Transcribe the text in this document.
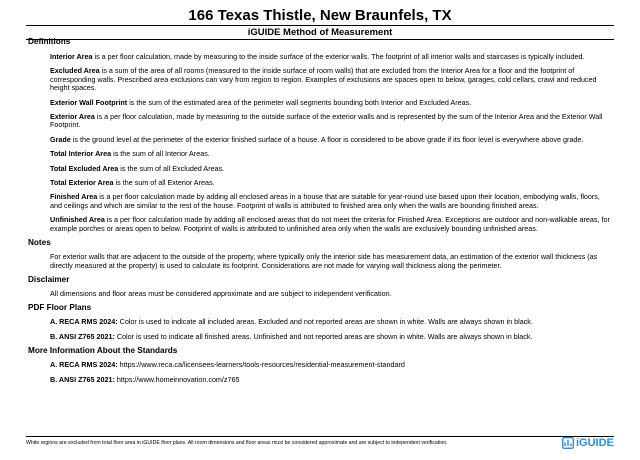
166 Texas Thistle, New Braunfels, TX
iGUIDE Method of Measurement
Definitions

Interior Area is a per floor calculation, made by measuring to the inside surface of the exterior walls. The footprint of all interior walls and staircases is typically included.

Excluded Area is a sum of the area of all rooms (measured to the inside surface of room walls) that are excluded from the Interior Area for a floor and the footprint of corresponding walls. Prescribed area exclusions can vary from region to region. Examples of exclusions are spaces open to below, garages, cold cellars, crawl and reduced height spaces.

Exterior Wall Footprint is the sum of the estimated area of the perimeter wall segments bounding both Interior and Excluded Areas.

Exterior Area is a per floor calculation, made by measuring to the outside surface of the exterior walls and is represented by the sum of the Interior Area and the Exterior Wall Footprint.

Grade is the ground level at the perimeter of the exterior finished surface of a house. A floor is considered to be above grade if its floor level is everywhere above grade.

Total Interior Area is the sum of all Interior Areas.

Total Excluded Area is the sum of all Excluded Areas.

Total Exterior Area is the sum of all Exterior Areas.

Finished Area is a per floor calculation made by adding all enclosed areas in a house that are suitable for year-round use based upon their location, embodying walls, floors, and ceilings and which are similar to the rest of the house. Footprint of walls is attributed to finished area only when the walls are bounding finished areas.

Unfinished Area is a per floor calculation made by adding all enclosed areas that do not meet the criteria for Finished Area. Exceptions are outdoor and non-walkable areas, for example porches or areas open to below. Footprint of walls is attributed to unfinished area only when the walls are exclusively bounding unfinished areas.

Notes

For exterior walls that are adjacent to the outside of the property, where typically only the interior side has measurement data, an estimation of the exterior wall thickness (as directly measured at the property) is used to calculate its footprint. Considerations are not made for varying wall thickness along the perimeter.

Disclaimer

All dimensions and floor areas must be considered approximate and are subject to independent verification.

PDF Floor Plans

A. RECA RMS 2024: Color is used to indicate all included areas. Excluded and not reported areas are shown in white. Walls are always shown in black.

B. ANSI Z765 2021: Color is used to indicate all finished areas. Unfinished and not reported areas are shown in white. Walls are always shown in black.

More Information About the Standards

A. RECA RMS 2024: https://www.reca.ca/licensees-learners/tools-resources/residential-measurement-standard

B. ANSI Z765 2021: https://www.homeinnovation.com/z765

White regions are excluded from total floor area in iGUIDE floor plans. All room dimensions and floor areas must be considered approximate and are subject to independent verification.	iGUIDE
